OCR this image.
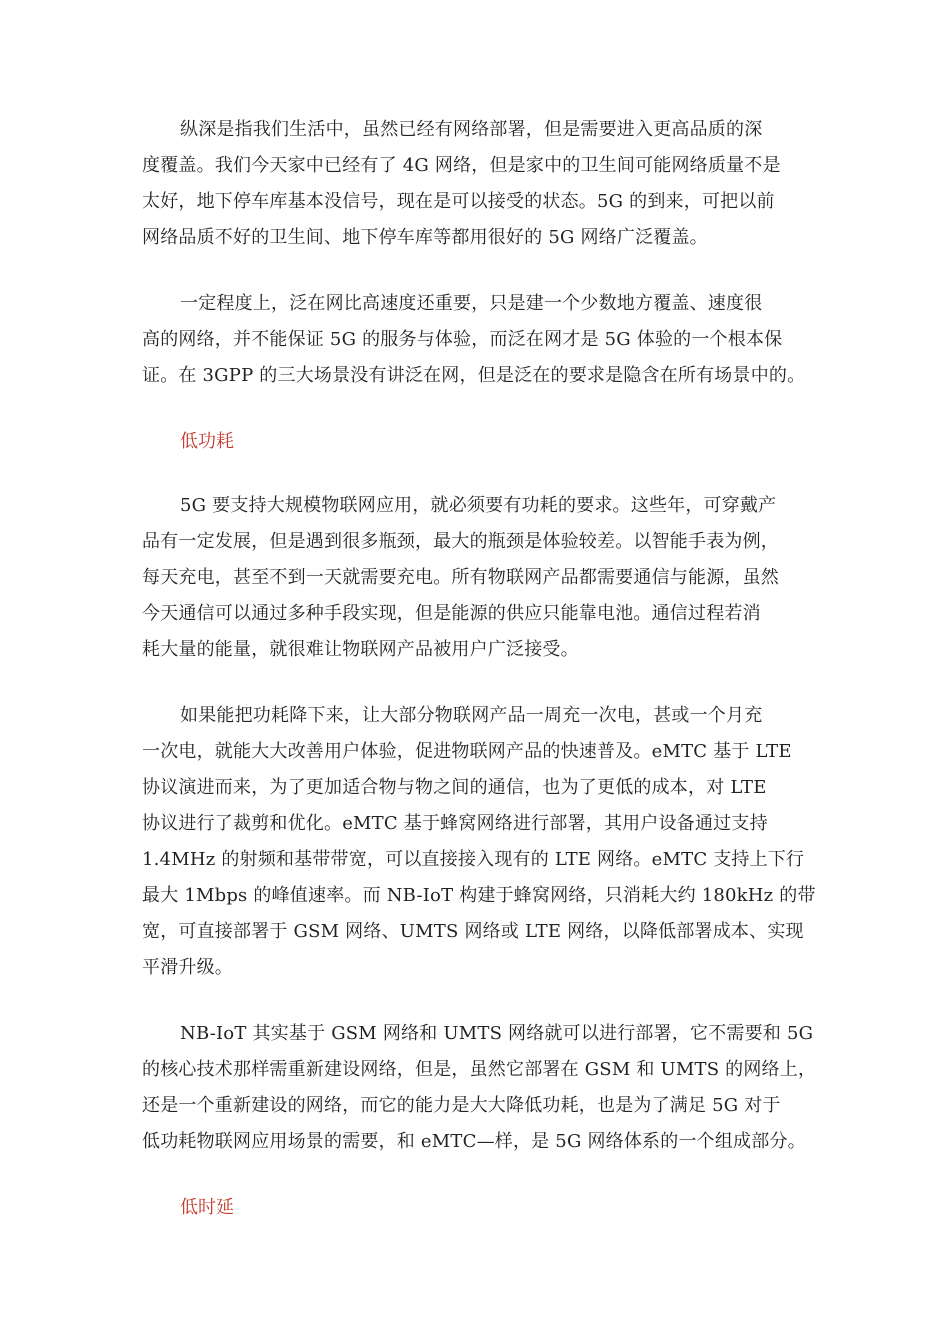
纵深是指我们生活中，虽然已经有网络部署，但是需要进入更高品质的深
度覆盖。我们今天家中已经有了 4G 网络，但是家中的卫生间可能网络质量不是
太好，地下停车库基本没信号，现在是可以接受的状态。5G 的到来，可把以前
网络品质不好的卫生间、地下停车库等都用很好的 5G 网络广泛覆盖。
一定程度上，泛在网比高速度还重要，只是建一个少数地方覆盖、速度很
高的网络，并不能保证 5G 的服务与体验，而泛在网才是 5G 体验的一个根本保
证。在 3GPP 的三大场景没有讲泛在网，但是泛在的要求是隐含在所有场景中的。
低功耗
5G 要支持大规模物联网应用，就必须要有功耗的要求。这些年，可穿戴产
品有一定发展，但是遇到很多瓶颈，最大的瓶颈是体验较差。以智能手表为例，
每天充电，甚至不到一天就需要充电。所有物联网产品都需要通信与能源，虽然
今天通信可以通过多种手段实现，但是能源的供应只能靠电池。通信过程若消
耗大量的能量，就很难让物联网产品被用户广泛接受。
如果能把功耗降下来，让大部分物联网产品一周充一次电，甚或一个月充
一次电，就能大大改善用户体验，促进物联网产品的快速普及。eMTC 基于 LTE
协议演进而来，为了更加适合物与物之间的通信，也为了更低的成本，对 LTE
协议进行了裁剪和优化。eMTC 基于蜂窝网络进行部署，其用户设备通过支持
1.4MHz 的射频和基带带宽，可以直接接入现有的 LTE 网络。eMTC 支持上下行
最大 1Mbps 的峰值速率。而 NB-IoT 构建于蜂窝网络，只消耗大约 180kHz 的带
宽，可直接部署于 GSM 网络、UMTS 网络或 LTE 网络，以降低部署成本、实现
平滑升级。
NB-IoT 其实基于 GSM 网络和 UMTS 网络就可以进行部署，它不需要和 5G
的核心技术那样需重新建设网络，但是，虽然它部署在 GSM 和 UMTS 的网络上，
还是一个重新建设的网络，而它的能力是大大降低功耗，也是为了满足 5G 对于
低功耗物联网应用场景的需要，和 eMTC—样，是 5G 网络体系的一个组成部分。
低时延
